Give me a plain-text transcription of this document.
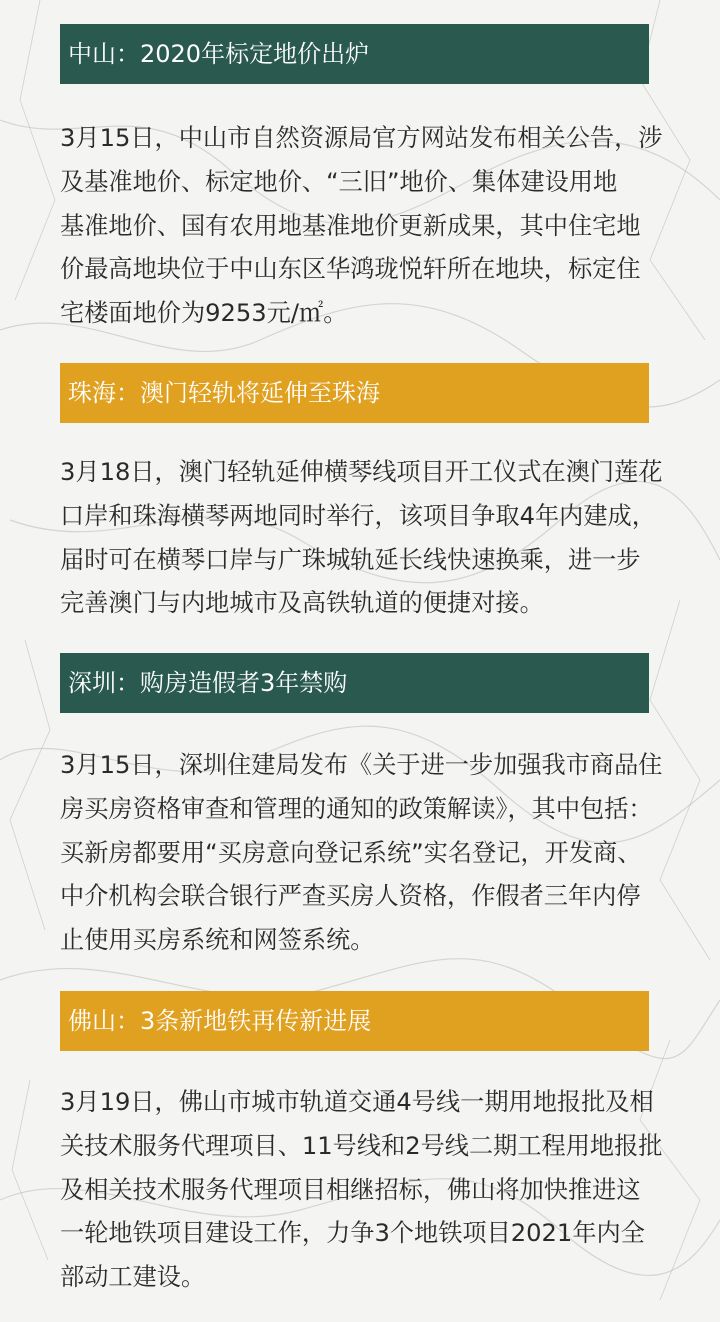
中山：2020年标定地价出炉

3月15日，中山市自然资源局官方网站发布相关公告，涉
及基准地价、标定地价、“三旧”地价、集体建设用地
基准地价、国有农用地基准地价更新成果，其中住宅地
价最高地块位于中山东区华鸿珑悦轩所在地块，标定住
宅楼面地价为9253元/㎡。

珠海：澳门轻轨将延伸至珠海

3月18日，澳门轻轨延伸横琴线项目开工仪式在澳门莲花
口岸和珠海横琴两地同时举行，该项目争取4年内建成，
届时可在横琴口岸与广珠城轨延长线快速换乘，进一步
完善澳门与内地城市及高铁轨道的便捷对接。

深圳：购房造假者3年禁购

3月15日，深圳住建局发布《关于进一步加强我市商品住
房买房资格审查和管理的通知的政策解读》，其中包括：
买新房都要用“买房意向登记系统”实名登记，开发商、
中介机构会联合银行严查买房人资格，作假者三年内停
止使用买房系统和网签系统。

佛山：3条新地铁再传新进展

3月19日，佛山市城市轨道交通4号线一期用地报批及相
关技术服务代理项目、11号线和2号线二期工程用地报批
及相关技术服务代理项目相继招标，佛山将加快推进这
一轮地铁项目建设工作，力争3个地铁项目2021年内全
部动工建设。
